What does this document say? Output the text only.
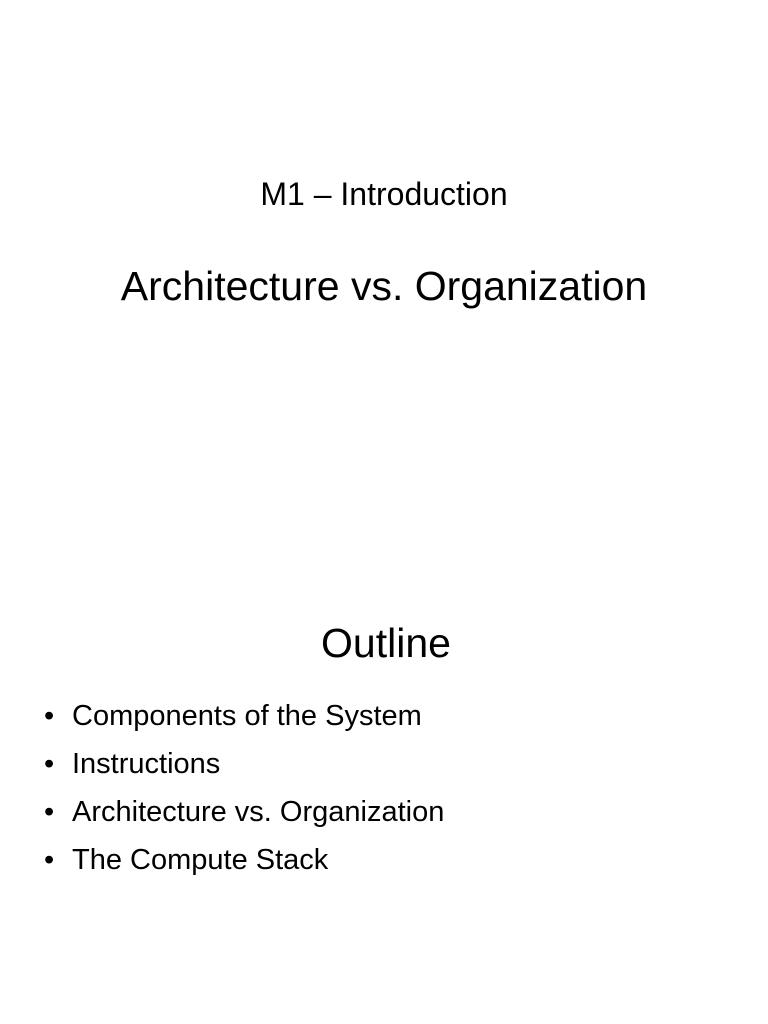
M1 – Introduction
Architecture vs. Organization
Outline
• Components of the System
• Instructions
• Architecture vs. Organization
• The Compute Stack
